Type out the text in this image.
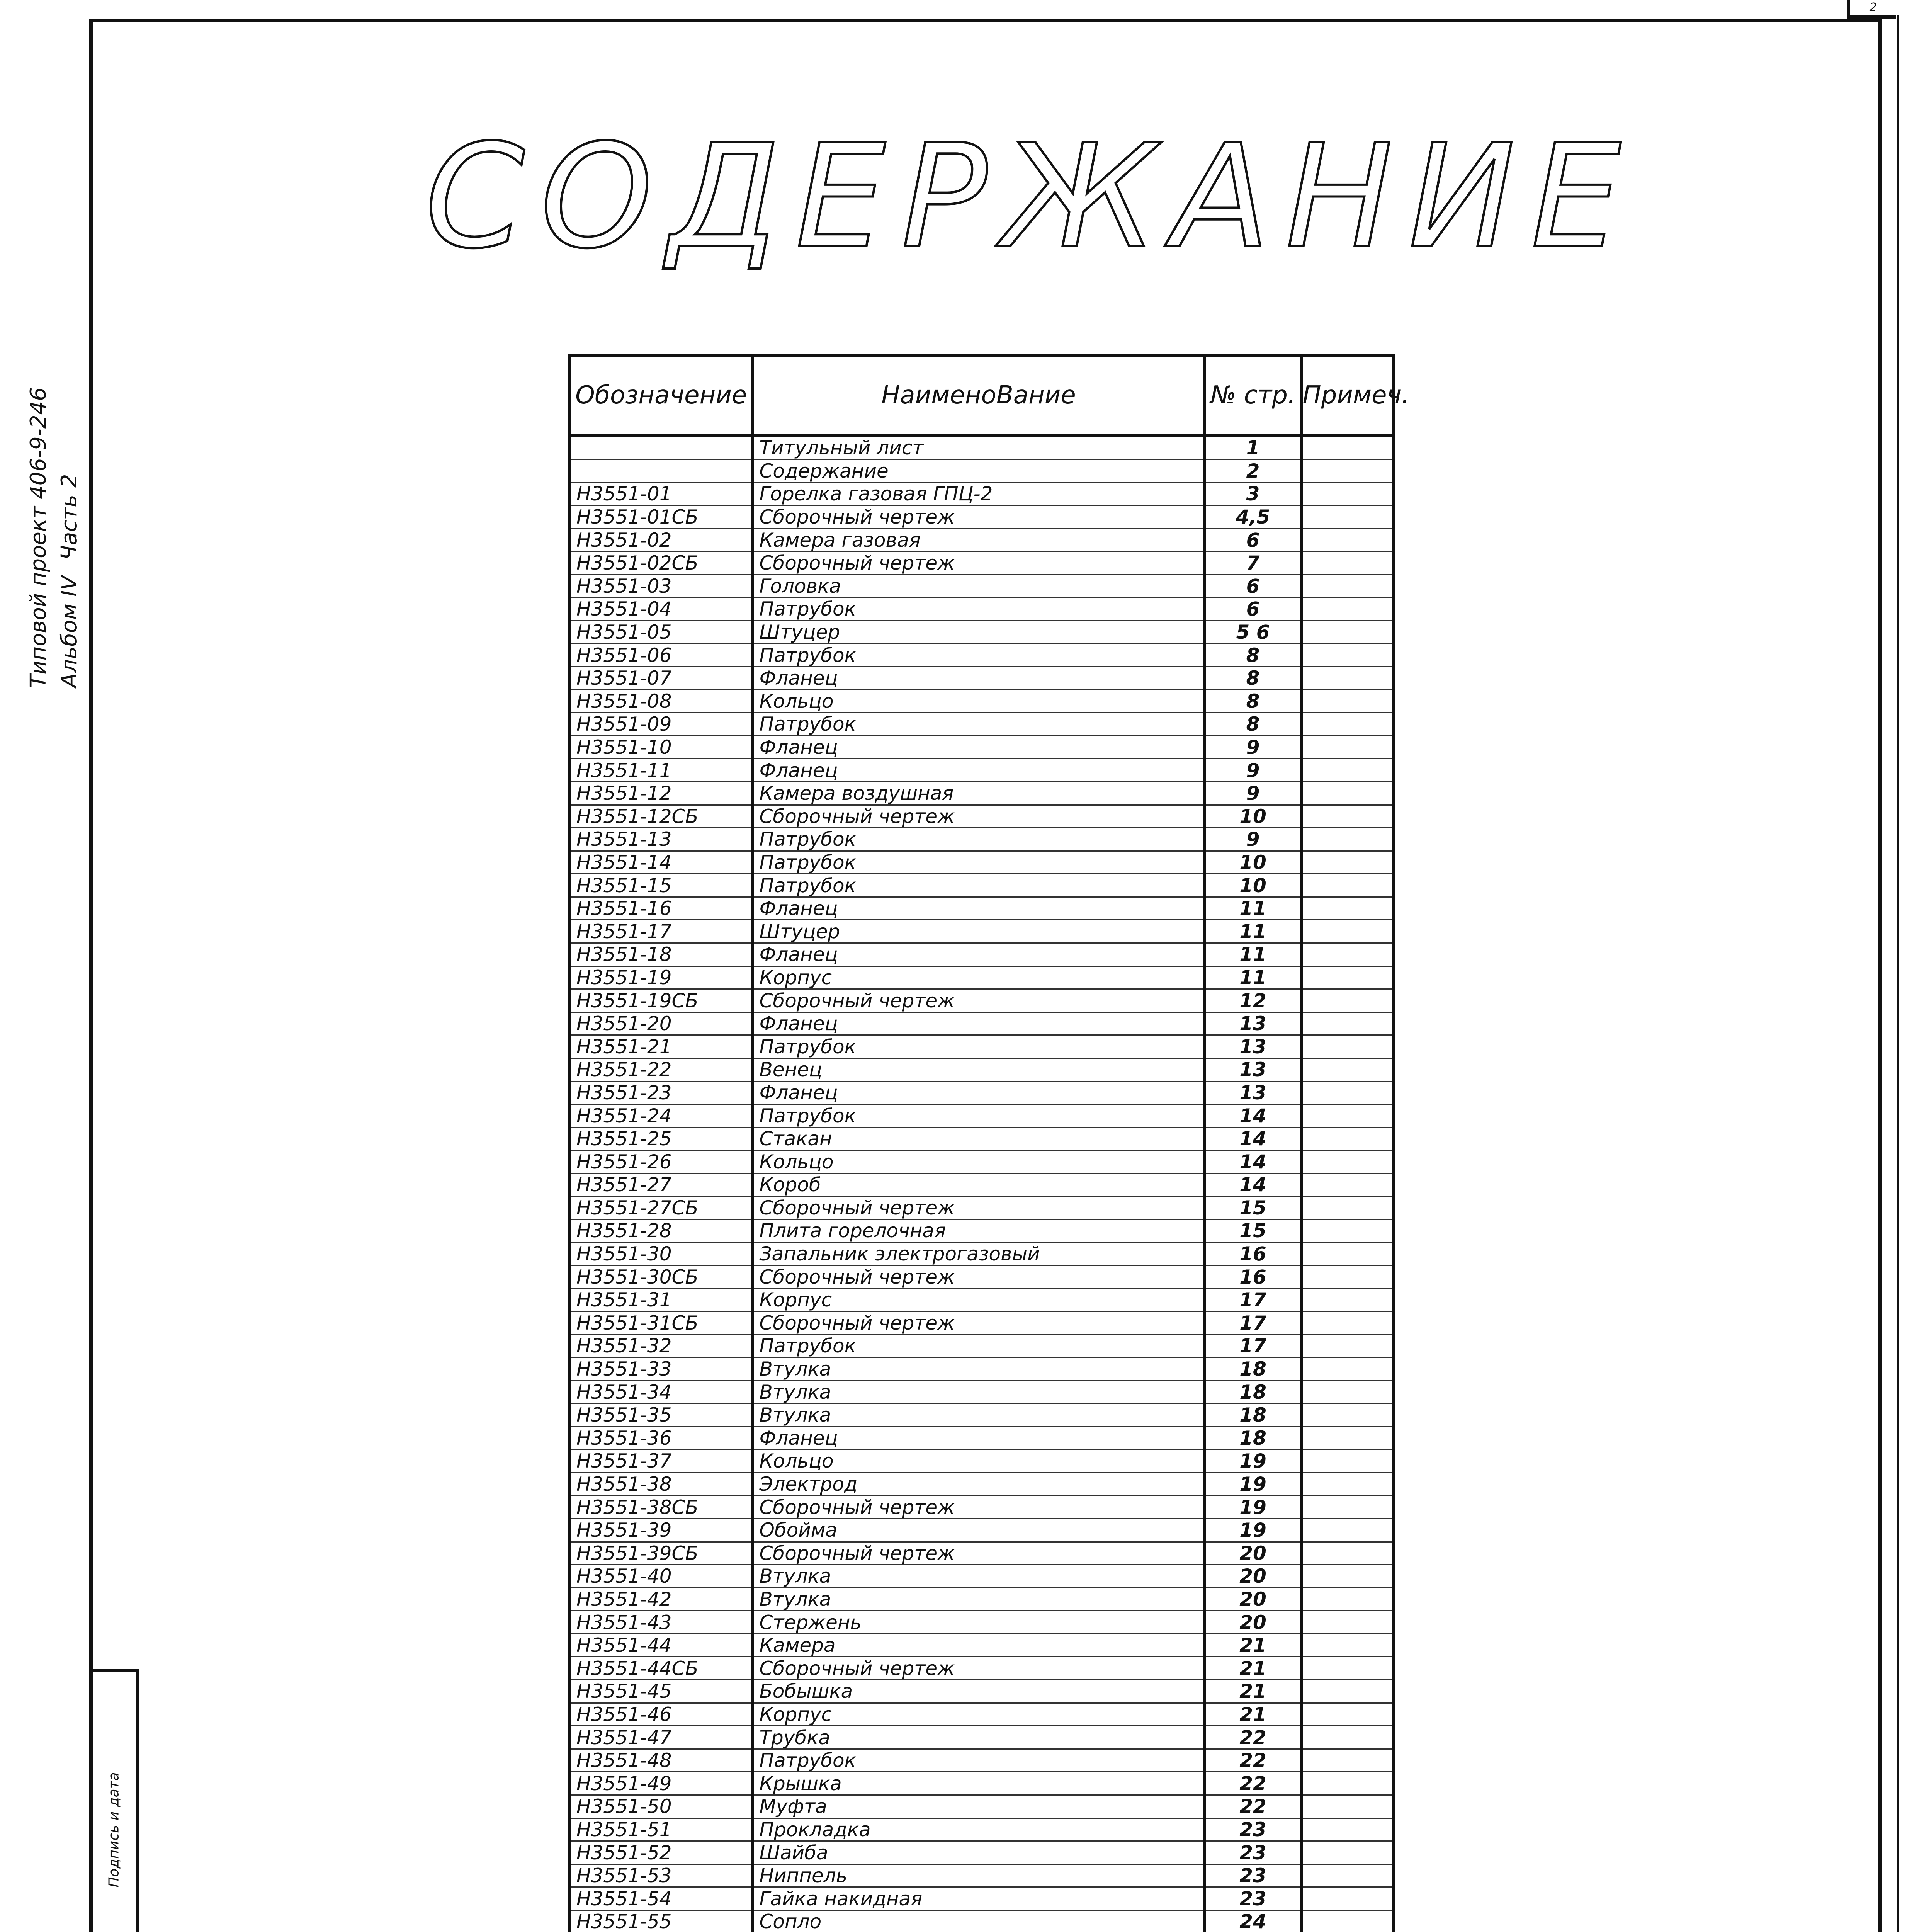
2
СОДЕРЖАНИЕ
Типовой проект 406-9-246 Альбом IV
Часть 2
Подпись и дата
Обозначение	НаименоВание	№ стр.	Примеч.
	Титульный лист	1	
	Содержание	2	
Н3551-01	Горелка газовая ГПЦ-2	3	
Н3551-01СБ	Сборочный чертеж	4,5	
Н3551-02	Камера газовая	6	
Н3551-02СБ	Сборочный чертеж	7	
Н3551-03	Головка	6	
Н3551-04	Патрубок	6	
Н3551-05	Штуцер	5 6	
Н3551-06	Патрубок	8	
Н3551-07	Фланец	8	
Н3551-08	Кольцо	8	
Н3551-09	Патрубок	8	
Н3551-10	Фланец	9	
Н3551-11	Фланец	9	
Н3551-12	Камера воздушная	9	
Н3551-12СБ	Сборочный чертеж	10	
Н3551-13	Патрубок	9	
Н3551-14	Патрубок	10	
Н3551-15	Патрубок	10	
Н3551-16	Фланец	11	
Н3551-17	Штуцер	11	
Н3551-18	Фланец	11	
Н3551-19	Корпус	11	
Н3551-19СБ	Сборочный чертеж	12	
Н3551-20	Фланец	13	
Н3551-21	Патрубок	13	
Н3551-22	Венец	13	
Н3551-23	Фланец	13	
Н3551-24	Патрубок	14	
Н3551-25	Стакан	14	
Н3551-26	Кольцо	14	
Н3551-27	Короб	14	
Н3551-27СБ	Сборочный чертеж	15	
Н3551-28	Плита горелочная	15	
Н3551-30	Запальник электрогазовый	16	
Н3551-30СБ	Сборочный чертеж	16	
Н3551-31	Корпус	17	
Н3551-31СБ	Сборочный чертеж	17	
Н3551-32	Патрубок	17	
Н3551-33	Втулка	18	
Н3551-34	Втулка	18	
Н3551-35	Втулка	18	
Н3551-36	Фланец	18	
Н3551-37	Кольцо	19	
Н3551-38	Электрод	19	
Н3551-38СБ	Сборочный чертеж	19	
Н3551-39	Обойма	19	
Н3551-39СБ	Сборочный чертеж	20	
Н3551-40	Втулка	20	
Н3551-42	Втулка	20	
Н3551-43	Стержень	20	
Н3551-44	Камера	21	
Н3551-44СБ	Сборочный чертеж	21	
Н3551-45	Бобышка	21	
Н3551-46	Корпус	21	
Н3551-47	Трубка	22	
Н3551-48	Патрубок	22	
Н3551-49	Крышка	22	
Н3551-50	Муфта	22	
Н3551-51	Прокладка	23	
Н3551-52	Шайба	23	
Н3551-53	Ниппель	23	
Н3551-54	Гайка накидная	23	
Н3551-55	Сопло	24	
